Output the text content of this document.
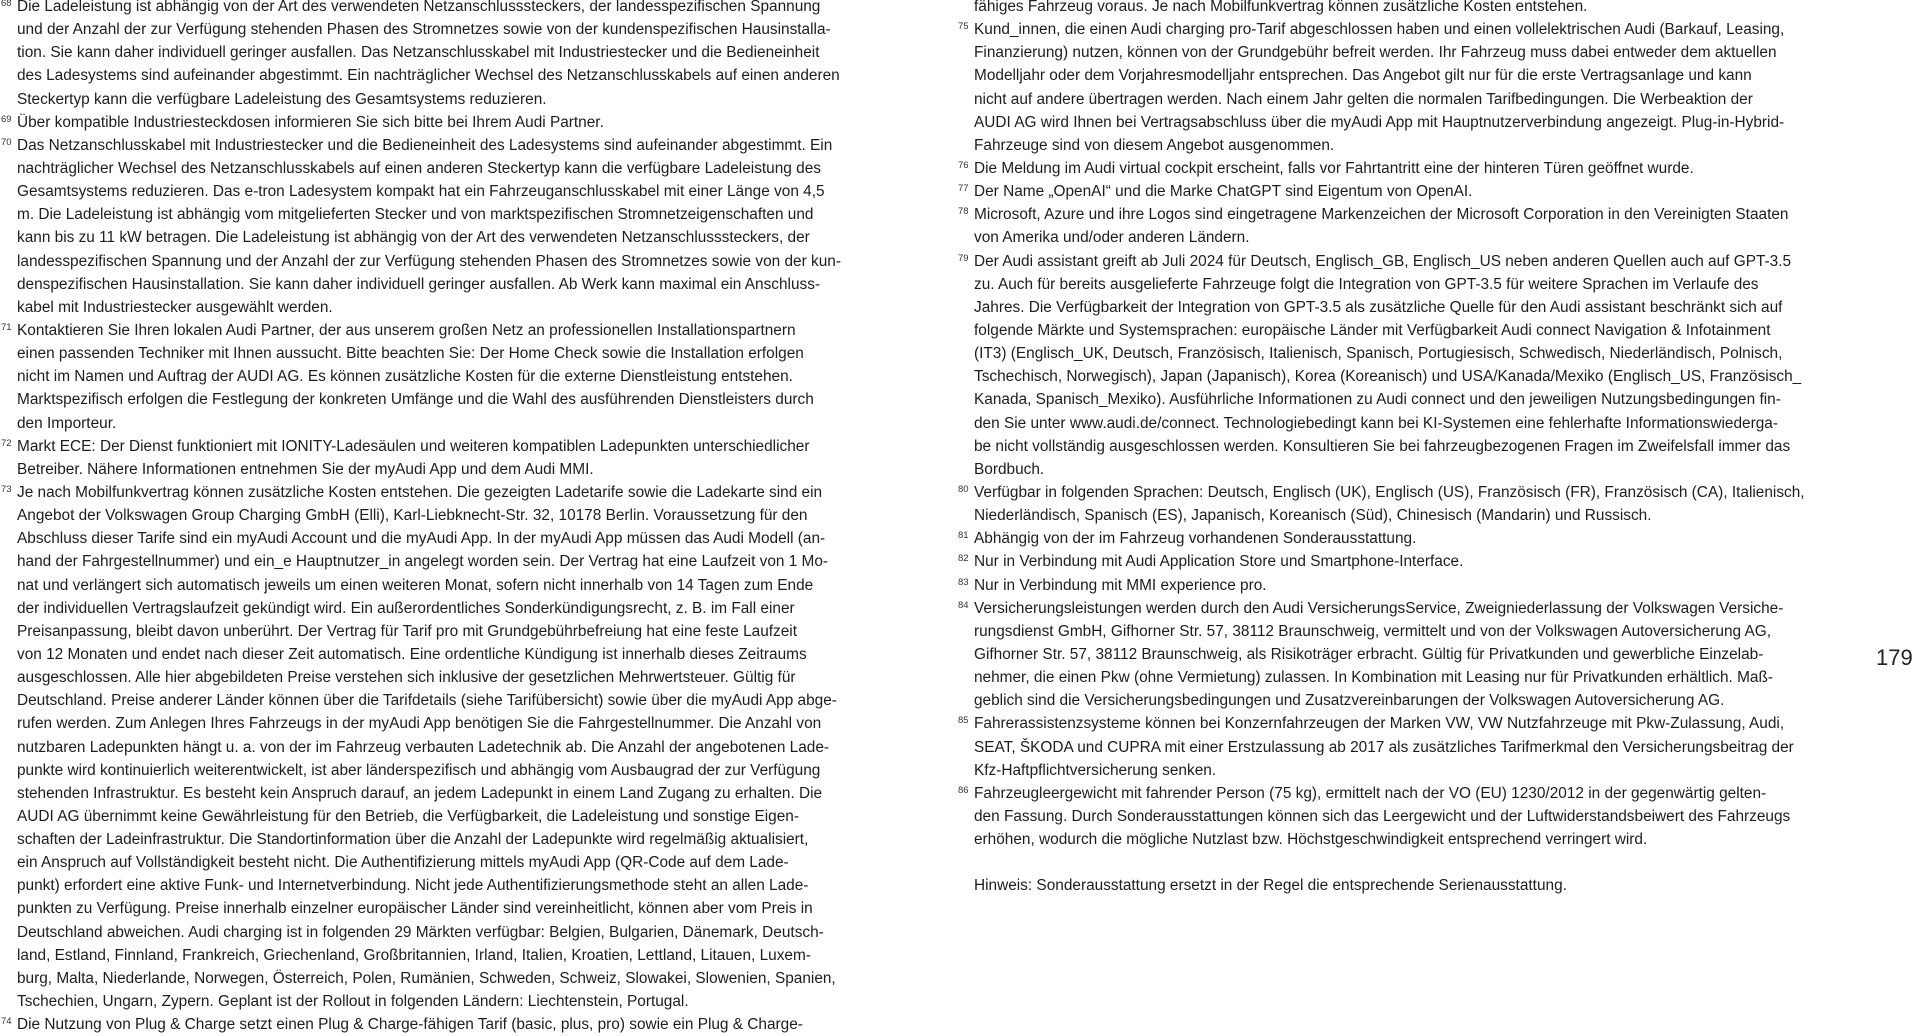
68 Die Ladeleistung ist abhängig von der Art des verwendeten Netzanschlusssteckers, der landesspezifischen Spannung
und der Anzahl der zur Verfügung stehenden Phasen des Stromnetzes sowie von der kundenspezifischen Hausinstalla-
tion. Sie kann daher individuell geringer ausfallen. Das Netzanschlusskabel mit Industriestecker und die Bedieneinheit
des Ladesystems sind aufeinander abgestimmt. Ein nachträglicher Wechsel des Netzanschlusskabels auf einen anderen
Steckertyp kann die verfügbare Ladeleistung des Gesamtsystems reduzieren.
69 Über kompatible Industriesteckdosen informieren Sie sich bitte bei Ihrem Audi Partner.
70 Das Netzanschlusskabel mit Industriestecker und die Bedieneinheit des Ladesystems sind aufeinander abgestimmt. Ein
nachträglicher Wechsel des Netzanschlusskabels auf einen anderen Steckertyp kann die verfügbare Ladeleistung des
Gesamtsystems reduzieren. Das e-tron Ladesystem kompakt hat ein Fahrzeuganschlusskabel mit einer Länge von 4,5
m. Die Ladeleistung ist abhängig vom mitgelieferten Stecker und von marktspezifischen Stromnetzeigenschaften und
kann bis zu 11 kW betragen. Die Ladeleistung ist abhängig von der Art des verwendeten Netzanschlusssteckers, der
landesspezifischen Spannung und der Anzahl der zur Verfügung stehenden Phasen des Stromnetzes sowie von der kun-
denspezifischen Hausinstallation. Sie kann daher individuell geringer ausfallen. Ab Werk kann maximal ein Anschluss-
kabel mit Industriestecker ausgewählt werden.
71 Kontaktieren Sie Ihren lokalen Audi Partner, der aus unserem großen Netz an professionellen Installationspartnern
einen passenden Techniker mit Ihnen aussucht. Bitte beachten Sie: Der Home Check sowie die Installation erfolgen
nicht im Namen und Auftrag der AUDI AG. Es können zusätzliche Kosten für die externe Dienstleistung entstehen.
Marktspezifisch erfolgen die Festlegung der konkreten Umfänge und die Wahl des ausführenden Dienstleisters durch
den Importeur.
72 Markt ECE: Der Dienst funktioniert mit IONITY-Ladesäulen und weiteren kompatiblen Ladepunkten unterschiedlicher
Betreiber. Nähere Informationen entnehmen Sie der myAudi App und dem Audi MMI.
73 Je nach Mobilfunkvertrag können zusätzliche Kosten entstehen. Die gezeigten Ladetarife sowie die Ladekarte sind ein
Angebot der Volkswagen Group Charging GmbH (Elli), Karl-Liebknecht-Str. 32, 10178 Berlin. Voraussetzung für den
Abschluss dieser Tarife sind ein myAudi Account und die myAudi App. In der myAudi App müssen das Audi Modell (an-
hand der Fahrgestellnummer) und ein_e Hauptnutzer_in angelegt worden sein. Der Vertrag hat eine Laufzeit von 1 Mo-
nat und verlängert sich automatisch jeweils um einen weiteren Monat, sofern nicht innerhalb von 14 Tagen zum Ende
der individuellen Vertragslaufzeit gekündigt wird. Ein außerordentliches Sonderkündigungsrecht, z. B. im Fall einer
Preisanpassung, bleibt davon unberührt. Der Vertrag für Tarif pro mit Grundgebührbefreiung hat eine feste Laufzeit
von 12 Monaten und endet nach dieser Zeit automatisch. Eine ordentliche Kündigung ist innerhalb dieses Zeitraums
ausgeschlossen. Alle hier abgebildeten Preise verstehen sich inklusive der gesetzlichen Mehrwertsteuer. Gültig für
Deutschland. Preise anderer Länder können über die Tarifdetails (siehe Tarifübersicht) sowie über die myAudi App abge-
rufen werden. Zum Anlegen Ihres Fahrzeugs in der myAudi App benötigen Sie die Fahrgestellnummer. Die Anzahl von
nutzbaren Ladepunkten hängt u. a. von der im Fahrzeug verbauten Ladetechnik ab. Die Anzahl der angebotenen Lade-
punkte wird kontinuierlich weiterentwickelt, ist aber länderspezifisch und abhängig vom Ausbaugrad der zur Verfügung
stehenden Infrastruktur. Es besteht kein Anspruch darauf, an jedem Ladepunkt in einem Land Zugang zu erhalten. Die
AUDI AG übernimmt keine Gewährleistung für den Betrieb, die Verfügbarkeit, die Ladeleistung und sonstige Eigen-
schaften der Ladeinfrastruktur. Die Standortinformation über die Anzahl der Ladepunkte wird regelmäßig aktualisiert,
ein Anspruch auf Vollständigkeit besteht nicht. Die Authentifizierung mittels myAudi App (QR-Code auf dem Lade-
punkt) erfordert eine aktive Funk- und Internetverbindung. Nicht jede Authentifizierungsmethode steht an allen Lade-
punkten zu Verfügung. Preise innerhalb einzelner europäischer Länder sind vereinheitlicht, können aber vom Preis in
Deutschland abweichen. Audi charging ist in folgenden 29 Märkten verfügbar: Belgien, Bulgarien, Dänemark, Deutsch-
land, Estland, Finnland, Frankreich, Griechenland, Großbritannien, Irland, Italien, Kroatien, Lettland, Litauen, Luxem-
burg, Malta, Niederlande, Norwegen, Österreich, Polen, Rumänien, Schweden, Schweiz, Slowakei, Slowenien, Spanien,
Tschechien, Ungarn, Zypern. Geplant ist der Rollout in folgenden Ländern: Liechtenstein, Portugal.
74 Die Nutzung von Plug & Charge setzt einen Plug & Charge-fähigen Tarif (basic, plus, pro) sowie ein Plug & Charge-
fähiges Fahrzeug voraus. Je nach Mobilfunkvertrag können zusätzliche Kosten entstehen.
75 Kund_innen, die einen Audi charging pro-Tarif abgeschlossen haben und einen vollelektrischen Audi (Barkauf, Leasing,
Finanzierung) nutzen, können von der Grundgebühr befreit werden. Ihr Fahrzeug muss dabei entweder dem aktuellen
Modelljahr oder dem Vorjahresmodelljahr entsprechen. Das Angebot gilt nur für die erste Vertragsanlage und kann
nicht auf andere übertragen werden. Nach einem Jahr gelten die normalen Tarifbedingungen. Die Werbeaktion der
AUDI AG wird Ihnen bei Vertragsabschluss über die myAudi App mit Hauptnutzerverbindung angezeigt. Plug-in-Hybrid-
Fahrzeuge sind von diesem Angebot ausgenommen.
76 Die Meldung im Audi virtual cockpit erscheint, falls vor Fahrtantritt eine der hinteren Türen geöffnet wurde.
77 Der Name „OpenAI“ und die Marke ChatGPT sind Eigentum von OpenAI.
78 Microsoft, Azure und ihre Logos sind eingetragene Markenzeichen der Microsoft Corporation in den Vereinigten Staaten
von Amerika und/oder anderen Ländern.
79 Der Audi assistant greift ab Juli 2024 für Deutsch, Englisch_GB, Englisch_US neben anderen Quellen auch auf GPT-3.5
zu. Auch für bereits ausgelieferte Fahrzeuge folgt die Integration von GPT-3.5 für weitere Sprachen im Verlaufe des
Jahres. Die Verfügbarkeit der Integration von GPT-3.5 als zusätzliche Quelle für den Audi assistant beschränkt sich auf
folgende Märkte und Systemsprachen: europäische Länder mit Verfügbarkeit Audi connect Navigation & Infotainment
(IT3) (Englisch_UK, Deutsch, Französisch, Italienisch, Spanisch, Portugiesisch, Schwedisch, Niederländisch, Polnisch,
Tschechisch, Norwegisch), Japan (Japanisch), Korea (Koreanisch) und USA/Kanada/Mexiko (Englisch_US, Französisch_
Kanada, Spanisch_Mexiko). Ausführliche Informationen zu Audi connect und den jeweiligen Nutzungsbedingungen fin-
den Sie unter www.audi.de/connect. Technologiebedingt kann bei KI-Systemen eine fehlerhafte Informationswiederga-
be nicht vollständig ausgeschlossen werden. Konsultieren Sie bei fahrzeugbezogenen Fragen im Zweifelsfall immer das
Bordbuch.
80 Verfügbar in folgenden Sprachen: Deutsch, Englisch (UK), Englisch (US), Französisch (FR), Französisch (CA), Italienisch,
Niederländisch, Spanisch (ES), Japanisch, Koreanisch (Süd), Chinesisch (Mandarin) und Russisch.
81 Abhängig von der im Fahrzeug vorhandenen Sonderausstattung.
82 Nur in Verbindung mit Audi Application Store und Smartphone-Interface.
83 Nur in Verbindung mit MMI experience pro.
84 Versicherungsleistungen werden durch den Audi VersicherungsService, Zweigniederlassung der Volkswagen Versiche-
rungsdienst GmbH, Gifhorner Str. 57, 38112 Braunschweig, vermittelt und von der Volkswagen Autoversicherung AG,
Gifhorner Str. 57, 38112 Braunschweig, als Risikoträger erbracht. Gültig für Privatkunden und gewerbliche Einzelab-
nehmer, die einen Pkw (ohne Vermietung) zulassen. In Kombination mit Leasing nur für Privatkunden erhältlich. Maß-
geblich sind die Versicherungsbedingungen und Zusatzvereinbarungen der Volkswagen Autoversicherung AG.
85 Fahrerassistenzsysteme können bei Konzernfahrzeugen der Marken VW, VW Nutzfahrzeuge mit Pkw-Zulassung, Audi,
SEAT, ŠKODA und CUPRA mit einer Erstzulassung ab 2017 als zusätzliches Tarifmerkmal den Versicherungsbeitrag der
Kfz-Haftpflichtversicherung senken.
86 Fahrzeugleergewicht mit fahrender Person (75 kg), ermittelt nach der VO (EU) 1230/2012 in der gegenwärtig gelten-
den Fassung. Durch Sonderausstattungen können sich das Leergewicht und der Luftwiderstandsbeiwert des Fahrzeugs
erhöhen, wodurch die mögliche Nutzlast bzw. Höchstgeschwindigkeit entsprechend verringert wird.
Hinweis: Sonderausstattung ersetzt in der Regel die entsprechende Serienausstattung.
179
